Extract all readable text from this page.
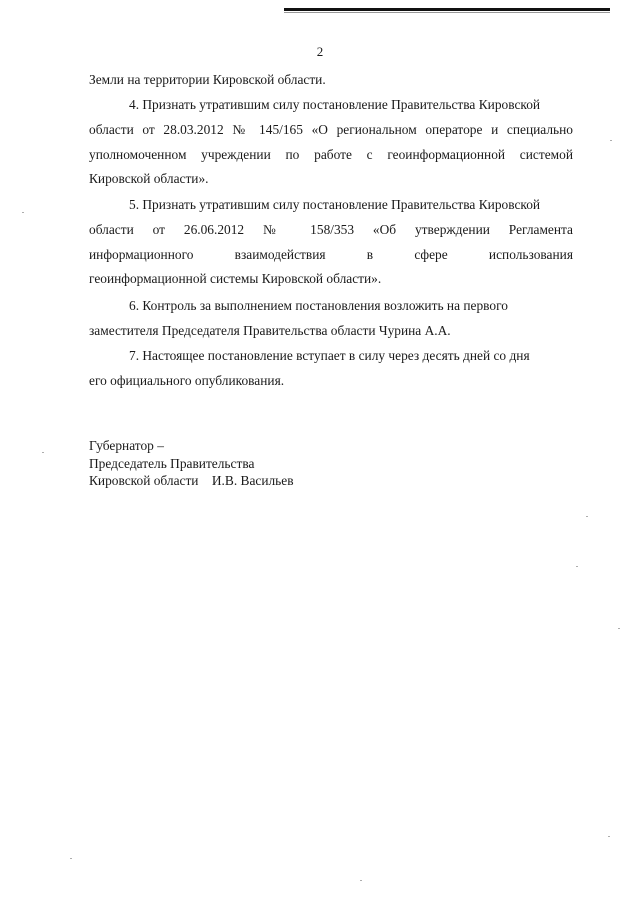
2
Земли на территории Кировской области.
4. Признать утратившим силу постановление Правительства Кировской
области от 28.03.2012 № 145/165 «О региональном операторе и специально
уполномоченном учреждении по работе с геоинформационной системой
Кировской области».
5. Признать утратившим силу постановление Правительства Кировской
области от 26.06.2012 № 158/353 «Об утверждении Регламента
информационного взаимодействия в сфере использования
геоинформационной системы Кировской области».
6. Контроль за выполнением постановления возложить на первого
заместителя Председателя Правительства области Чурина А.А.
7. Настоящее постановление вступает в силу через десять дней со дня
его официального опубликования.
Губернатор –
Председатель Правительства
Кировской области И.В. Васильев
